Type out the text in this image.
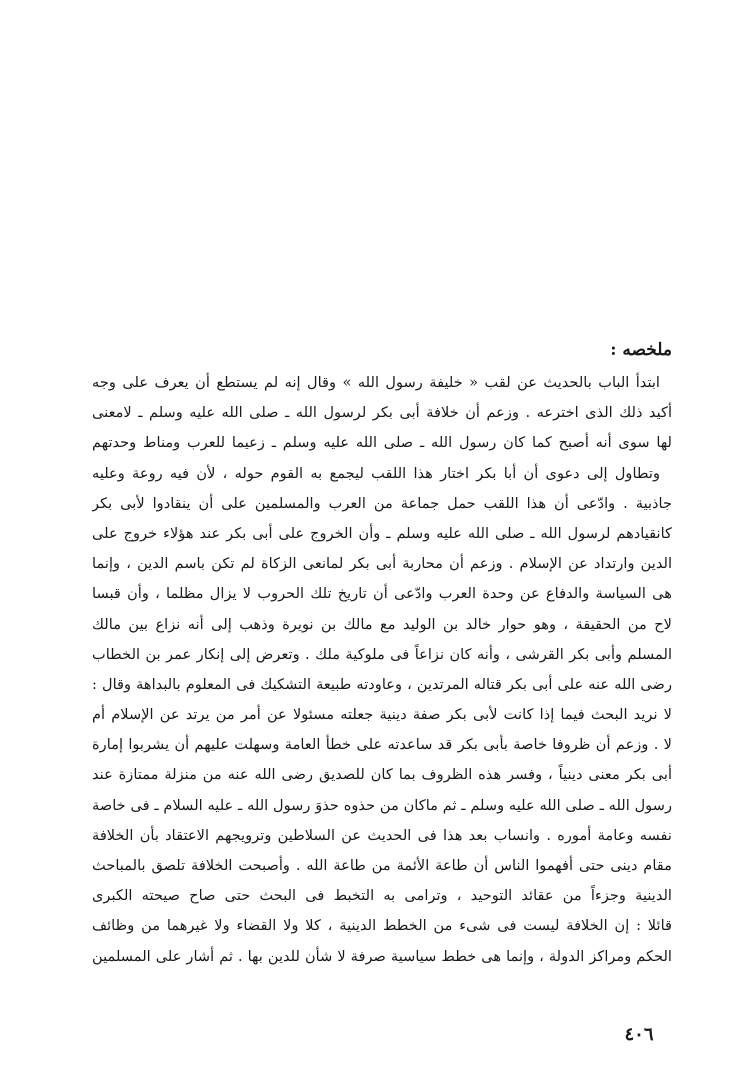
ملخصه :
ابتدأ الباب بالحديث عن لقب « خليفة رسول الله » وقال إنه لم يستطع أن يعرف على وجه
أكيد ذلك الذى اخترعه . وزعم أن خلافة أبى بكر لرسول الله ـ صلى الله عليه وسلم ـ لامعنى
لها سوى أنه أصبح كما كان رسول الله ـ صلى الله عليه وسلم ـ زعيما للعرب ومناط وحدتهم
وتطاول إلى دعوى أن أبا بكر اختار هذا اللقب ليجمع به القوم حوله ، لأن فيه روعة وعليه
جاذبية . وادّعى أن هذا اللقب حمل جماعة من العرب والمسلمين على أن ينقادوا لأبى بكر
كانقيادهم لرسول الله ـ صلى الله عليه وسلم ـ وأن الخروج على أبى بكر عند هؤلاء خروج على
الدين وارتداد عن الإسلام . وزعم أن محاربة أبى بكر لمانعى الزكاة لم تكن باسم الدين ، وإنما
هى السياسة والدفاع عن وحدة العرب وادّعى أن تاريخ تلك الحروب لا يزال مظلما ، وأن قبسا
لاح من الحقيقة ، وهو حوار خالد بن الوليد مع مالك بن نويرة وذهب إلى أنه نزاع بين مالك
المسلم وأبى بكر القرشى ، وأنه كان نزاعاً فى ملوكية ملك . وتعرض إلى إنكار عمر بن الخطاب
رضى الله عنه على أبى بكر قتاله المرتدين ، وعاودته طبيعة التشكيك فى المعلوم بالبداهة وقال :
لا نريد البحث فيما إذا كانت لأبى بكر صفة دينية جعلته مسئولا عن أمر من يرتد عن الإسلام أم
لا . وزعم أن ظروفا خاصة بأبى بكر قد ساعدته على خطأ العامة وسهلت عليهم أن يشربوا إمارة
أبى بكر معنى دينياً ، وفسر هذه الظروف بما كان للصديق رضى الله عنه من منزلة ممتازة عند
رسول الله ـ صلى الله عليه وسلم ـ ثم ماكان من حذوه حذوَ رسول الله ـ عليه السلام ـ فى خاصة
نفسه وعامة أموره . وانساب بعد هذا فى الحديث عن السلاطين وترويجهم الاعتقاد بأن الخلافة
مقام دينى حتى أفهموا الناس أن طاعة الأئمة من طاعة الله . وأصبحت الخلافة تلصق بالمباحث
الدينية وجزءاً من عقائد التوحيد ، وترامى به التخبط فى البحث حتى صاح صيحته الكبرى
قائلا : إن الخلافة ليست فى شىء من الخطط الدينية ، كلا ولا القضاء ولا غيرهما من وظائف
الحكم ومراكز الدولة ، وإنما هى خطط سياسية صرفة لا شأن للدين بها . ثم أشار على المسلمين
٤٠٦
